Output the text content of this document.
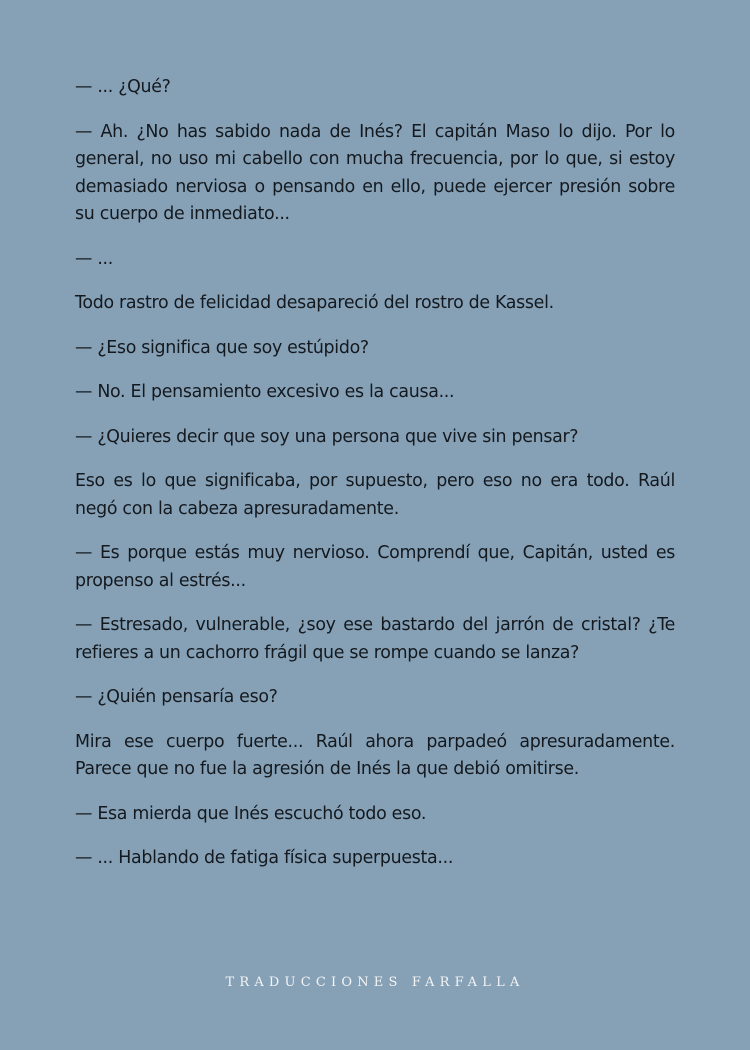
— ... ¿Qué?

— Ah. ¿No has sabido nada de Inés? El capitán Maso lo dijo. Por lo general, no uso mi cabello con mucha frecuencia, por lo que, si estoy demasiado nerviosa o pensando en ello, puede ejercer presión sobre su cuerpo de inmediato...

— ...

Todo rastro de felicidad desapareció del rostro de Kassel.

— ¿Eso significa que soy estúpido?

— No. El pensamiento excesivo es la causa...

— ¿Quieres decir que soy una persona que vive sin pensar?

Eso es lo que significaba, por supuesto, pero eso no era todo. Raúl negó con la cabeza apresuradamente.

— Es porque estás muy nervioso. Comprendí que, Capitán, usted es propenso al estrés...

— Estresado, vulnerable, ¿soy ese bastardo del jarrón de cristal? ¿Te refieres a un cachorro frágil que se rompe cuando se lanza?

— ¿Quién pensaría eso?

Mira ese cuerpo fuerte... Raúl ahora parpadeó apresuradamente. Parece que no fue la agresión de Inés la que debió omitirse.

— Esa mierda que Inés escuchó todo eso.

— ... Hablando de fatiga física superpuesta...

TRADUCCIONES FARFALLA
